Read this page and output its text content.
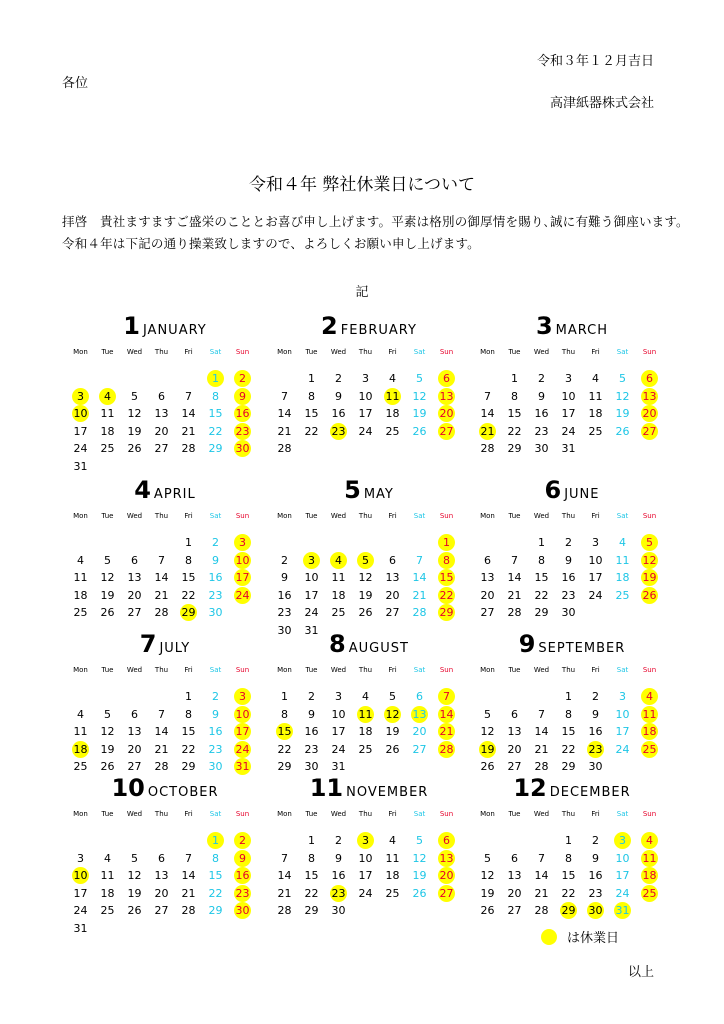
令和３年１２月吉日
各位
高津紙器株式会社
令和４年 弊社休業日について
拝啓　貴社ますますご盛栄のこととお喜び申し上げます。平素は格別の御厚情を賜り､誠に有難う御座います。
令和４年は下記の通り操業致しますので、よろしくお願い申し上げます。
記
1 JANUARY
Mon	Tue	Wed	Thu	Fri	Sat	Sun
					1	2
3	4	5	6	7	8	9
10	11	12	13	14	15	16
17	18	19	20	21	22	23
24	25	26	27	28	29	30
31						
2 FEBRUARY
Mon	Tue	Wed	Thu	Fri	Sat	Sun
	1	2	3	4	5	6
7	8	9	10	11	12	13
14	15	16	17	18	19	20
21	22	23	24	25	26	27
28						
3 MARCH
Mon	Tue	Wed	Thu	Fri	Sat	Sun
	1	2	3	4	5	6
7	8	9	10	11	12	13
14	15	16	17	18	19	20
21	22	23	24	25	26	27
28	29	30	31			
4 APRIL
Mon	Tue	Wed	Thu	Fri	Sat	Sun
				1	2	3
4	5	6	7	8	9	10
11	12	13	14	15	16	17
18	19	20	21	22	23	24
25	26	27	28	29	30	
5 MAY
Mon	Tue	Wed	Thu	Fri	Sat	Sun
						1
2	3	4	5	6	7	8
9	10	11	12	13	14	15
16	17	18	19	20	21	22
23	24	25	26	27	28	29
30	31					
6 JUNE
Mon	Tue	Wed	Thu	Fri	Sat	Sun
		1	2	3	4	5
6	7	8	9	10	11	12
13	14	15	16	17	18	19
20	21	22	23	24	25	26
27	28	29	30			
7 JULY
Mon	Tue	Wed	Thu	Fri	Sat	Sun
				1	2	3
4	5	6	7	8	9	10
11	12	13	14	15	16	17
18	19	20	21	22	23	24
25	26	27	28	29	30	31
8 AUGUST
Mon	Tue	Wed	Thu	Fri	Sat	Sun
1	2	3	4	5	6	7
8	9	10	11	12	13	14
15	16	17	18	19	20	21
22	23	24	25	26	27	28
29	30	31				
9 SEPTEMBER
Mon	Tue	Wed	Thu	Fri	Sat	Sun
			1	2	3	4
5	6	7	8	9	10	11
12	13	14	15	16	17	18
19	20	21	22	23	24	25
26	27	28	29	30		
10 OCTOBER
Mon	Tue	Wed	Thu	Fri	Sat	Sun
					1	2
3	4	5	6	7	8	9
10	11	12	13	14	15	16
17	18	19	20	21	22	23
24	25	26	27	28	29	30
31						
11 NOVEMBER
Mon	Tue	Wed	Thu	Fri	Sat	Sun
	1	2	3	4	5	6
7	8	9	10	11	12	13
14	15	16	17	18	19	20
21	22	23	24	25	26	27
28	29	30				
12 DECEMBER
Mon	Tue	Wed	Thu	Fri	Sat	Sun
			1	2	3	4
5	6	7	8	9	10	11
12	13	14	15	16	17	18
19	20	21	22	23	24	25
26	27	28	29	30	31	
は休業日
以上
